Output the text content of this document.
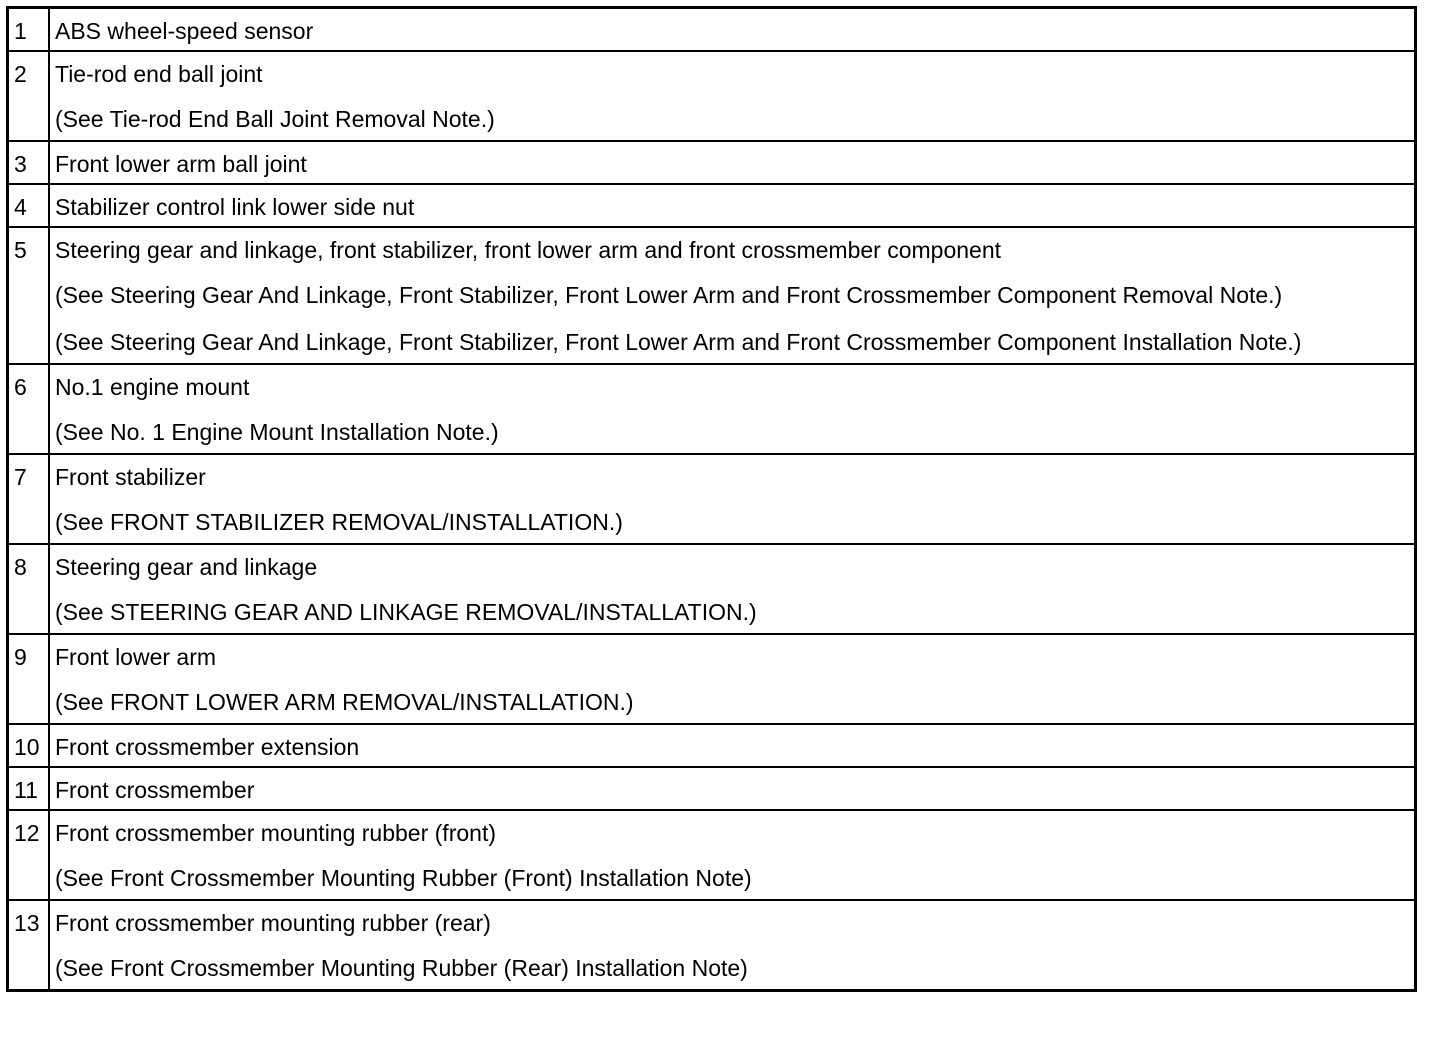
1	ABS wheel-speed sensor

2	Tie-rod end ball joint
(See Tie-rod End Ball Joint Removal Note.)

3	Front lower arm ball joint

4	Stabilizer control link lower side nut

5	Steering gear and linkage, front stabilizer, front lower arm and front crossmember component
(See Steering Gear And Linkage, Front Stabilizer, Front Lower Arm and Front Crossmember Component Removal Note.)
(See Steering Gear And Linkage, Front Stabilizer, Front Lower Arm and Front Crossmember Component Installation Note.)

6	No.1 engine mount
(See No. 1 Engine Mount Installation Note.)

7	Front stabilizer
(See FRONT STABILIZER REMOVAL/INSTALLATION.)

8	Steering gear and linkage
(See STEERING GEAR AND LINKAGE REMOVAL/INSTALLATION.)

9	Front lower arm
(See FRONT LOWER ARM REMOVAL/INSTALLATION.)

10	Front crossmember extension

11	Front crossmember

12	Front crossmember mounting rubber (front)
(See Front Crossmember Mounting Rubber (Front) Installation Note)

13	Front crossmember mounting rubber (rear)
(See Front Crossmember Mounting Rubber (Rear) Installation Note)
